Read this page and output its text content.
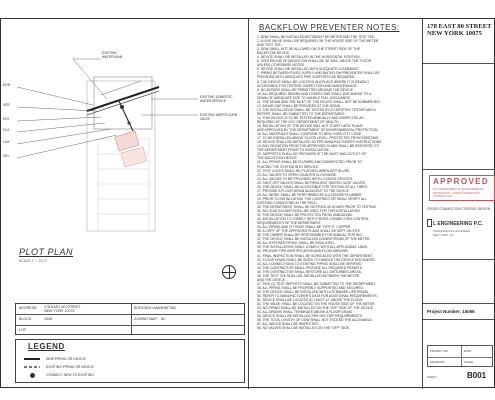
DON
SER
ENT
FCA
LOA
IGN
EXISTING
WATER MAIN
EXISTING DOMESTIC
WATER SERVICE
EXISTING WATER CURB VALVE
PLOT PLAN
SCALE 1" = 20'-0"
ADDRESS: 178 EAST 80 STREET
NEW YORK 10075
BOROUGH: MANHATTAN
BLOCK:	1508	ZONING MAP: 8C
LOT:
LEGEND
NEW PIPING OR DEVICE
EXISTING PIPING OR DEVICE
CONNECT NEW TO EXISTING
BACKFLOW PREVENTER NOTES:
1. DDW SHALL BE INSTALLED BETWEEN THE METER AND THE TEST TEE.
2. A LINE VALVE SHALL BE REQUIRED ON THE HOUSE SIDE OF THE METER
AND TEST TEE.
3. DDW SHALL NOT BE ALLOWED ON THE STREET SIDE OF THE
BACKFLOW DEVICE.
4. DEVICE SHALL BE INSTALLED IN THE HORIZONTAL POSITION.
5. CENTERLINE OF BACKFLOW SHALL BE 48" MAX. ABOVE THE FLOOR
UNLESS OTHERWISE NOTED.
6. DEVICE SHALL BE INSTALLED WITH ADEQUATE CLEARANCE.
7. PIPING BETWEEN FIXED SUPPLY AND BACKFLOW PREVENTER SHALL BE
PROVIDED WITH ADEQUATE PIPE SUPPORTS AS REQUIRED.
8. THE DEVICE SHALL BE LOCATED IN A PLACE WHERE IT IS READILY
ACCESSIBLE FOR TESTING, INSPECTION AND MAINTENANCE.
9. NO BYPASS SHALL BE PERMITTED AROUND THE DEVICE.
10. ALL REQUIRED DRAINS AND OVERFLOWS SHALL DISCHARGE TO A
DRAIN OF ADEQUATE SIZE TO HANDLE FULL DISCHARGE.
11. THE DRAIN AND THE INLET OF THE DEVICE SHALL NOT BE SUBMERGED.
12. AN AIR GAP SHALL BE PROVIDED AT THE DRAIN.
13. THE INSTALLATION SHALL BE TESTED BY A CERTIFIED TESTER AND A
REPORT SHALL BE SUBMITTED TO THE DEPARTMENT.
14. THIS DEVICE IS TO BE TESTED ANNUALLY AND INSPECTED AS
REQUIRED BY THE NYC DEPARTMENT OF HEALTH.
15. INSTALLATION OF THE DEVICE WILL NOT START UNTIL PLANS
ARE APPROVED BY THE DEPARTMENT OF ENVIRONMENTAL PROTECTION.
16. ALL MATERIALS SHALL CONFORM TO NEW YORK CITY CODE.
17. TO BE INSTALLED ABOVE FLOOR LEVEL, PROTECTED FROM FREEZING.
18. DEVICE SHALL BE INSTALLED AS PER MANUFACTURER'S INSTRUCTIONS.
19. ANY DEVIATION FROM THE APPROVED PLANS SHALL BE REPORTED TO
THE DEPARTMENT PRIOR TO INSTALLATION.
20. SUPPORTS SHALL BE PROVIDED AT THE INLET AND OUTLET OF
THE BACKFLOW DEVICE.
21. ALL PIPING SHALL BE FLUSHED AND DISINFECTED PRIOR TO
PLACING THE SYSTEM INTO SERVICE.
22. TEST COCKS SHALL BE PLUGGED WHEN NOT IN USE.
23. ALL VALVES TO OPEN COUNTER CLOCKWISE.
24. ALL VALVES TO BE PROVIDED WITH LOCKING DEVICES.
25. SHUT OFF VALVES SHALL BE RESILIENT SEATED GATE VALVES.
26. THE DEVICE SHALL BE ACCESSIBLE FOR TESTING AT ALL TIMES.
27. PROVIDE A FLOOR DRAIN ADJACENT TO THE DEVICE.
28. ALL WORK SHALL BE PERFORMED BY A LICENSED PLUMBER.
29. PRIOR TO INSTALLATION, THE CONTRACTOR SHALL VERIFY ALL
EXISTING CONDITIONS IN THE FIELD.
30. THE DEPARTMENT SHALL BE NOTIFIED 48 HOURS PRIOR TO TESTING.
31. NO LEAD SOLDER SHALL BE USED FOR THIS INSTALLATION.
32. THE DEVICE SHALL BE PROTECTED FROM VANDALISM.
33. INSTALLATION TO COMPLY WITH CROSS CONNECTION CONTROL
REQUIREMENTS OF THE DEPARTMENT.
34. ALL PIPING AND FITTINGS SHALL BE TYPE 'K' COPPER.
35. A COPY OF THE APPROVED PLANS SHALL BE KEPT ON SITE.
36. THE OWNER SHALL BE RESPONSIBLE FOR ANNUAL TESTING.
37. THE DEVICE SHALL BE INSTALLED DOWNSTREAM OF THE METER.
38. ALL EXPOSED PIPING SHALL BE INSULATED.
39. THE INSTALLATION SHALL COMPLY WITH ALL APPLICABLE LAWS.
40. PROVIDE PIPE IDENTIFICATION AND FLOW ARROWS.
41. FINAL INSPECTION SHALL BE SCHEDULED WITH THE DEPARTMENT.
42. FLOOR DRAIN SHALL BE SIZED TO HANDLE THE DEVICE DISCHARGE.
43. ALL CONNECTIONS TO EXISTING PIPING SHALL BE VERIFIED.
44. THE CONTRACTOR SHALL PROVIDE ALL REQUIRED PERMITS.
45. THE CONTRACTOR SHALL RESTORE ALL DISTURBED AREAS.
46. THE TEST TEE SHALL BE INSTALLED BETWEEN THE METER
AND THE DEVICE.
47. TWO (2) TEST REPORTS SHALL BE SUBMITTED TO THE DEPARTMENT.
48. ALL PIPING SHALL BE PROPERLY SUPPORTED AND SECURED.
49. THE DEVICE SHALL BE INSTALLED WITH A STRAINER UPSTREAM.
50. REFER TO MANUFACTURER'S DATA FOR ADDITIONAL REQUIREMENTS.
51. DEVICE SHALL BE LOCATED AT LEAST 12" ABOVE THE FLOOR.
52. THE VALVE SHALL BE LOCATED ON THE HOUSE SIDE OF THE METER.
53. NO PIPING SHALL BE INSTALLED ON THE 'OFF' SIDE OF THE DEVICE.
54. ALL DRAINS SHALL TERMINATE ABOVE A FLOOR DRAIN.
55. DEVICE SHALL BE INSTALLED PER NYC DEP REQUIREMENTS.
56. THE TOTAL LENGTH OF DDW SHALL NOT EXCEED THE ALLOWABLE.
57. ALL WELDS SHALL BE INSPECTED.
58. NO VALVES SHALL BE INSTALLED ON THE "OFF" SIDE.
178 EAST 80 STREET
NEW YORK 10075
APPROVED
NYC DEPARTMENT OF ENVIRONMENTAL
PROTECTION - CROSS CONNECTION
CONTROL UNIT
CROSS CONNECTION CONTROL DESIGN
L ENGINEERING P.C.
PROFESSIONAL ENGINEER
NEW YORK, NY
Project Number: 16056
PROJECT NO.	DATE
DRAWN BY	SCALE
SHEET	B001
